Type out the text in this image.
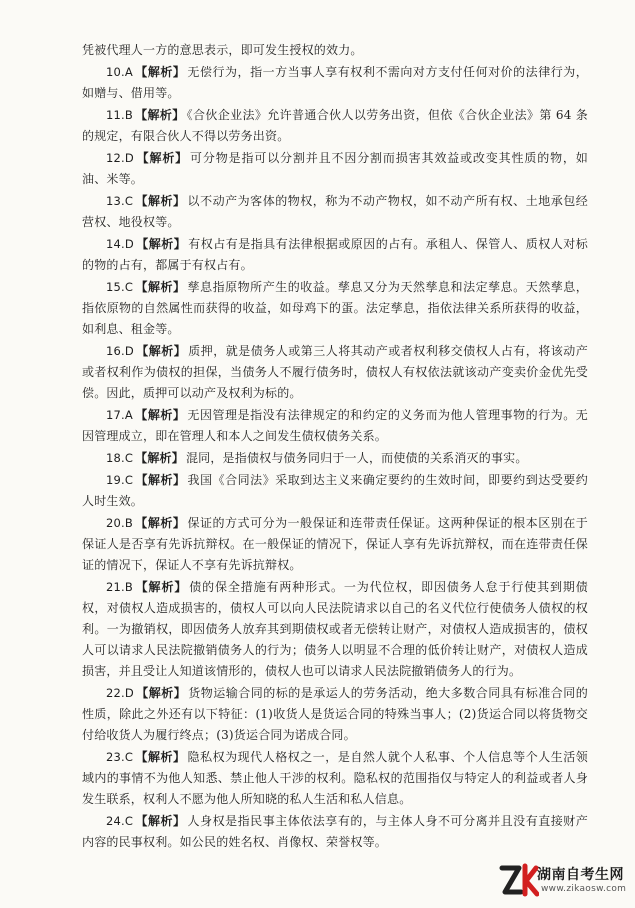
凭被代理人一方的意思表示，即可发生授权的效力。

10.A 【解析】 无偿行为，指一方当事人享有权利不需向对方支付任何对价的法律行为，如赠与、借用等。

11.B 【解析】 《合伙企业法》允许普通合伙人以劳务出资，但依《合伙企业法》第 64 条的规定，有限合伙人不得以劳务出资。

12.D 【解析】 可分物是指可以分割并且不因分割而损害其效益或改变其性质的物，如油、米等。

13.C 【解析】 以不动产为客体的物权，称为不动产物权，如不动产所有权、土地承包经营权、地役权等。

14.D 【解析】 有权占有是指具有法律根据或原因的占有。承租人、保管人、质权人对标的物的占有，都属于有权占有。

15.C 【解析】 孳息指原物所产生的收益。孳息又分为天然孳息和法定孳息。天然孳息，指依原物的自然属性而获得的收益，如母鸡下的蛋。法定孳息，指依法律关系所获得的收益，如利息、租金等。

16.D 【解析】 质押，就是债务人或第三人将其动产或者权利移交债权人占有，将该动产或者权利作为债权的担保，当债务人不履行债务时，债权人有权依法就该动产变卖价金优先受偿。因此，质押可以动产及权利为标的。

17.A 【解析】 无因管理是指没有法律规定的和约定的义务而为他人管理事物的行为。无因管理成立，即在管理人和本人之间发生债权债务关系。

18.C 【解析】 混同，是指债权与债务同归于一人，而使债的关系消灭的事实。

19.C 【解析】 我国《合同法》采取到达主义来确定要约的生效时间，即要约到达受要约人时生效。

20.B 【解析】 保证的方式可分为一般保证和连带责任保证。这两种保证的根本区别在于保证人是否享有先诉抗辩权。在一般保证的情况下，保证人享有先诉抗辩权，而在连带责任保证的情况下，保证人不享有先诉抗辩权。

21.B 【解析】 债的保全措施有两种形式。一为代位权，即因债务人怠于行使其到期债权，对债权人造成损害的，债权人可以向人民法院请求以自己的名义代位行使债务人债权的权利。一为撤销权，即因债务人放弃其到期债权或者无偿转让财产，对债权人造成损害的，债权人可以请求人民法院撤销债务人的行为；债务人以明显不合理的低价转让财产，对债权人造成损害，并且受让人知道该情形的，债权人也可以请求人民法院撤销债务人的行为。

22.D 【解析】 货物运输合同的标的是承运人的劳务活动，绝大多数合同具有标准合同的性质，除此之外还有以下特征：(1)收货人是货运合同的特殊当事人；(2)货运合同以将货物交付给收货人为履行终点；(3)货运合同为诺成合同。

23.C 【解析】 隐私权为现代人格权之一，是自然人就个人私事、个人信息等个人生活领域内的事情不为他人知悉、禁止他人干涉的权利。隐私权的范围指仅与特定人的利益或者人身发生联系，权利人不愿为他人所知晓的私人生活和私人信息。

24.C 【解析】 人身权是指民事主体依法享有的，与主体人身不可分离并且没有直接财产内容的民事权利。如公民的姓名权、肖像权、荣誉权等。

湖南自考生网
www.zikaosw.com
